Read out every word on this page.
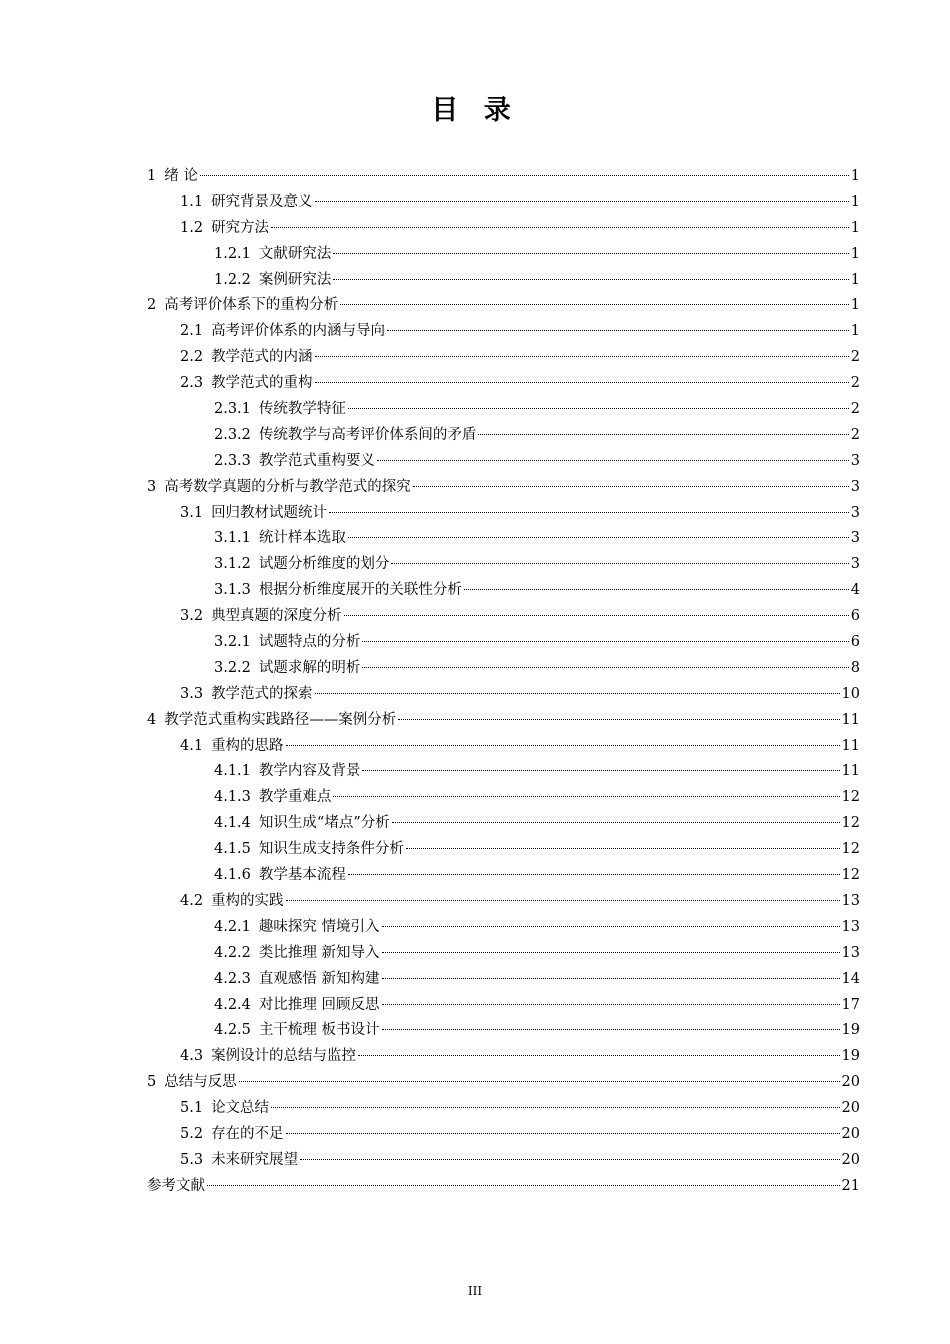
目 录
1 绪 论	1
1.1 研究背景及意义	1
1.2 研究方法	1
1.2.1 文献研究法	1
1.2.2 案例研究法	1
2 高考评价体系下的重构分析	1
2.1 高考评价体系的内涵与导向	1
2.2 教学范式的内涵	2
2.3 教学范式的重构	2
2.3.1 传统教学特征	2
2.3.2 传统教学与高考评价体系间的矛盾	2
2.3.3 教学范式重构要义	3
3 高考数学真题的分析与教学范式的探究	3
3.1 回归教材试题统计	3
3.1.1 统计样本选取	3
3.1.2 试题分析维度的划分	3
3.1.3 根据分析维度展开的关联性分析	4
3.2 典型真题的深度分析	6
3.2.1 试题特点的分析	6
3.2.2 试题求解的明析	8
3.3 教学范式的探索	10
4 教学范式重构实践路径——案例分析	11
4.1 重构的思路	11
4.1.1 教学内容及背景	11
4.1.3 教学重难点	12
4.1.4 知识生成“堵点”分析	12
4.1.5 知识生成支持条件分析	12
4.1.6 教学基本流程	12
4.2 重构的实践	13
4.2.1 趣味探究 情境引入	13
4.2.2 类比推理 新知导入	13
4.2.3 直观感悟 新知构建	14
4.2.4 对比推理 回顾反思	17
4.2.5 主干梳理 板书设计	19
4.3 案例设计的总结与监控	19
5 总结与反思	20
5.1 论文总结	20
5.2 存在的不足	20
5.3 未来研究展望	20
参考文献	21
III
